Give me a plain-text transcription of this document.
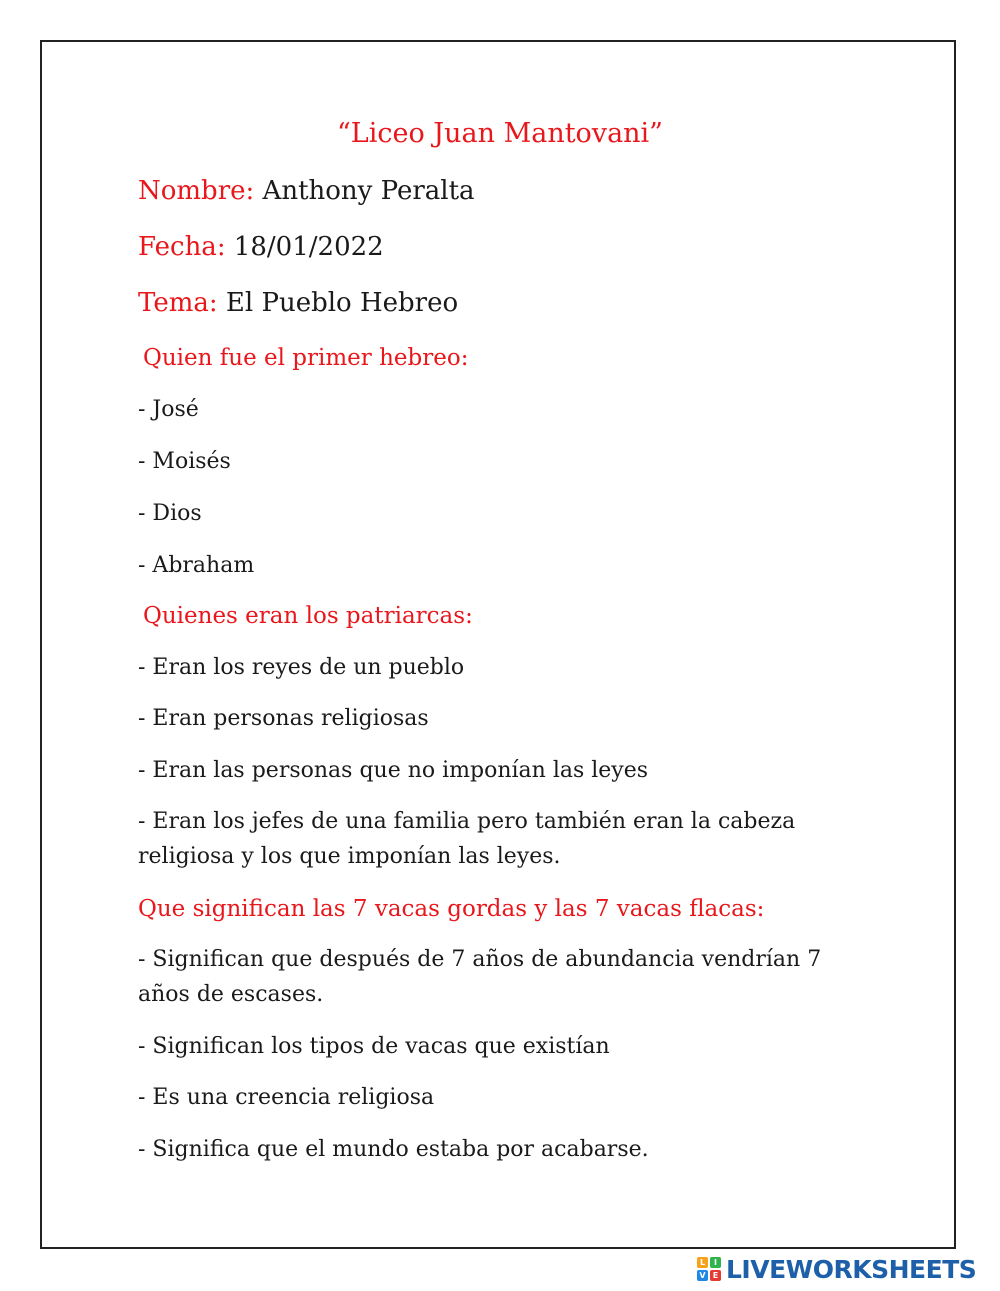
“Liceo Juan Mantovani”
Nombre: Anthony Peralta
Fecha: 18/01/2022
Tema: El Pueblo Hebreo
Quien fue el primer hebreo:
- José
- Moisés
- Dios
- Abraham
Quienes eran los patriarcas:
- Eran los reyes de un pueblo
- Eran personas religiosas
- Eran las personas que no imponían las leyes
- Eran los jefes de una familia pero también eran la cabeza religiosa y los que imponían las leyes.
Que significan las 7 vacas gordas y las 7 vacas flacas:
- Significan que después de 7 años de abundancia vendrían 7 años de escases.
- Significan los tipos de vacas que existían
- Es una creencia religiosa
- Significa que el mundo estaba por acabarse.
L	I
V E LIVEWORKSHEETS
